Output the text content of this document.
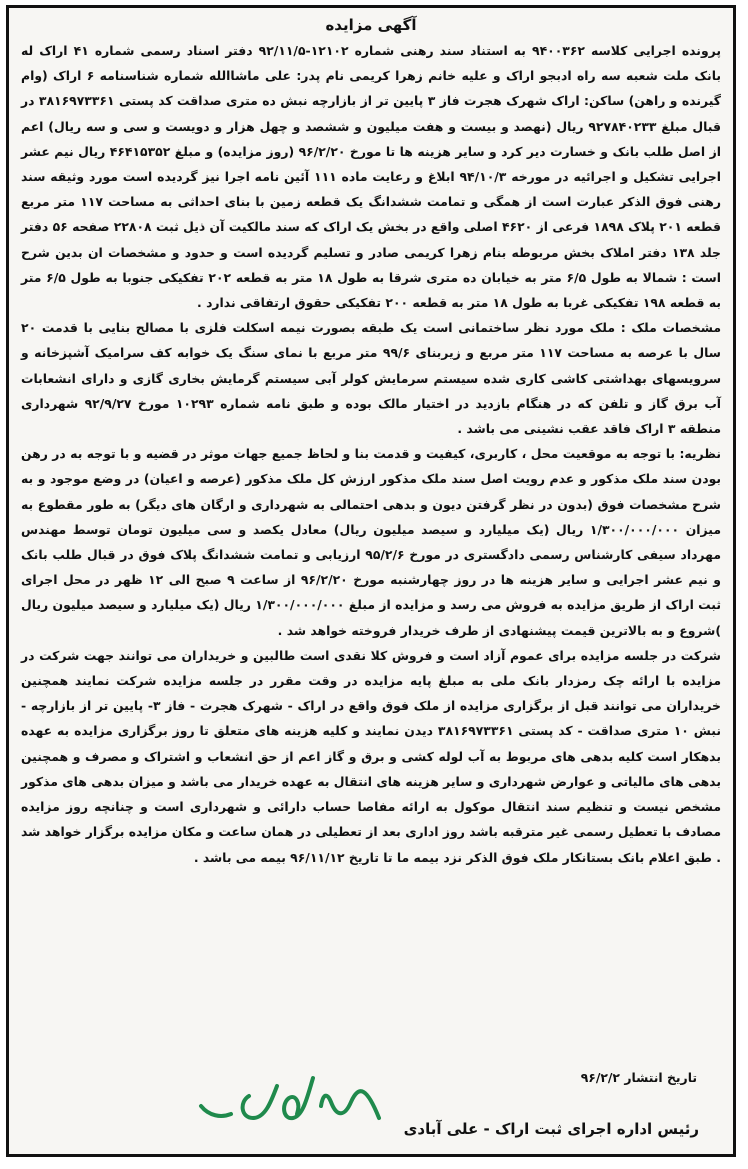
آگهی مزایده

پرونده اجرایی کلاسه ۹۴۰۰۳۶۲ به استناد سند رهنی شماره ۱۲۱۰۲-۹۲/۱۱/۵ دفتر اسناد رسمی شماره ۴۱ اراک له بانک ملت شعبه سه راه ادبجو اراک و علیه خانم زهرا کریمی نام پدر: علی ماشاالله شماره شناسنامه ۶ اراک (وام گیرنده و راهن) ساکن: اراک شهرک هجرت فاز ۳ پایین تر از بازارچه نبش ده متری صداقت کد پستی ۳۸۱۶۹۷۳۳۶۱ در قبال مبلغ ۹۲۷۸۴۰۲۳۳ ریال (نهصد و بیست و هفت میلیون و ششصد و چهل هزار و دویست و سی و سه ریال) اعم از اصل طلب بانک و خسارت دیر کرد و سایر هزینه ها تا مورخ ۹۶/۲/۲۰ (روز مزایده) و مبلغ ۴۶۴۱۵۳۵۲ ریال نیم عشر اجرایی تشکیل و اجرائیه در مورخه ۹۴/۱۰/۳ ابلاغ و رعایت ماده ۱۱۱ آئین نامه اجرا نیز گردیده است مورد وثیقه سند رهنی فوق الذکر عبارت است از همگی و تمامت ششدانگ یک قطعه زمین با بنای احداثی به مساحت ۱۱۷ متر مربع قطعه ۲۰۱ پلاک ۱۸۹۸ فرعی از ۴۶۲۰ اصلی واقع در بخش یک اراک که سند مالکیت آن ذیل ثبت ۲۲۸۰۸ صفحه ۵۶ دفتر جلد ۱۳۸ دفتر املاک بخش مربوطه بنام زهرا کریمی صادر و تسلیم گردیده است و حدود و مشخصات ان بدین شرح است : شمالا به طول ۶/۵ متر به خیابان ده متری شرقا به طول ۱۸ متر به قطعه ۲۰۲ تفکیکی جنوبا به طول ۶/۵ متر به قطعه ۱۹۸ تفکیکی غربا به طول ۱۸ متر به قطعه ۲۰۰ تفکیکی حقوق ارتفاقی ندارد .

مشخصات ملک : ملک مورد نظر ساختمانی است یک طبقه بصورت نیمه اسکلت فلزی با مصالح بنایی با قدمت ۲۰ سال با عرصه به مساحت ۱۱۷ متر مربع و زیربنای ۹۹/۶ متر مربع با نمای سنگ یک خوابه کف سرامیک آشپزخانه و سرویسهای بهداشتی کاشی کاری شده سیستم سرمایش کولر آبی سیستم گرمایش بخاری گازی و دارای انشعابات آب برق گاز و تلفن که در هنگام بازدید در اختیار مالک بوده و طبق نامه شماره ۱۰۲۹۳ مورخ ۹۲/۹/۲۷ شهرداری منطقه ۳ اراک فاقد عقب نشینی می باشد .

نظریه: با توجه به موقعیت محل ، کاربری، کیفیت و قدمت بنا و لحاظ جمیع جهات موثر در قضیه و با توجه به در رهن بودن سند ملک مذکور و عدم رویت اصل سند ملک مذکور ارزش کل ملک مذکور (عرصه و اعیان) در وضع موجود و به شرح مشخصات فوق (بدون در نظر گرفتن دیون و بدهی احتمالی به شهرداری و ارگان های دیگر) به طور مقطوع به میزان ۱/۳۰۰/۰۰۰/۰۰۰ ریال (یک میلیارد و سیصد میلیون ریال) معادل یکصد و سی میلیون تومان توسط مهندس مهرداد سیفی کارشناس رسمی دادگستری در مورخ ۹۵/۲/۶ ارزیابی و تمامت ششدانگ پلاک فوق در قبال طلب بانک و نیم عشر اجرایی و سایر هزینه ها در روز چهارشنبه مورخ ۹۶/۲/۲۰ از ساعت ۹ صبح الی ۱۲ ظهر در محل اجرای ثبت اراک از طریق مزایده به فروش می رسد و مزایده از مبلغ ۱/۳۰۰/۰۰۰/۰۰۰ ریال (یک میلیارد و سیصد میلیون ریال )شروع و به بالاترین قیمت پیشنهادی از طرف خریدار فروخته خواهد شد .

شرکت در جلسه مزایده برای عموم آزاد است و فروش کلا نقدی است طالبین و خریداران می توانند جهت شرکت در مزایده با ارائه چک رمزدار بانک ملی به مبلغ پایه مزایده در وقت مقرر در جلسه مزایده شرکت نمایند همچنین خریداران می توانند قبل از برگزاری مزایده از ملک فوق واقع در اراک - شهرک هجرت - فاز ۳- پایین تر از بازارچه - نبش ۱۰ متری صداقت - کد پستی ۳۸۱۶۹۷۳۳۶۱ دیدن نمایند و کلیه هزینه های متعلق تا روز برگزاری مزایده به عهده بدهکار است کلیه بدهی های مربوط به آب لوله کشی و برق و گاز اعم از حق انشعاب و اشتراک و مصرف و همچنین بدهی های مالیاتی و عوارض شهرداری و سایر هزینه های انتقال به عهده خریدار می باشد و میزان بدهی های مذکور مشخص نیست و تنظیم سند انتقال موکول به ارائه مفاصا حساب دارائی و شهرداری است و چنانچه روز مزایده مصادف با تعطیل رسمی غیر مترقبه باشد روز اداری بعد از تعطیلی در همان ساعت و مکان مزایده برگزار خواهد شد . طبق اعلام بانک بستانکار ملک فوق الذکر نزد بیمه ما تا تاریخ ۹۶/۱۱/۱۲ بیمه می باشد .

تاریخ انتشار ۹۶/۲/۲
رئیس اداره اجرای ثبت اراک - علی آبادی
